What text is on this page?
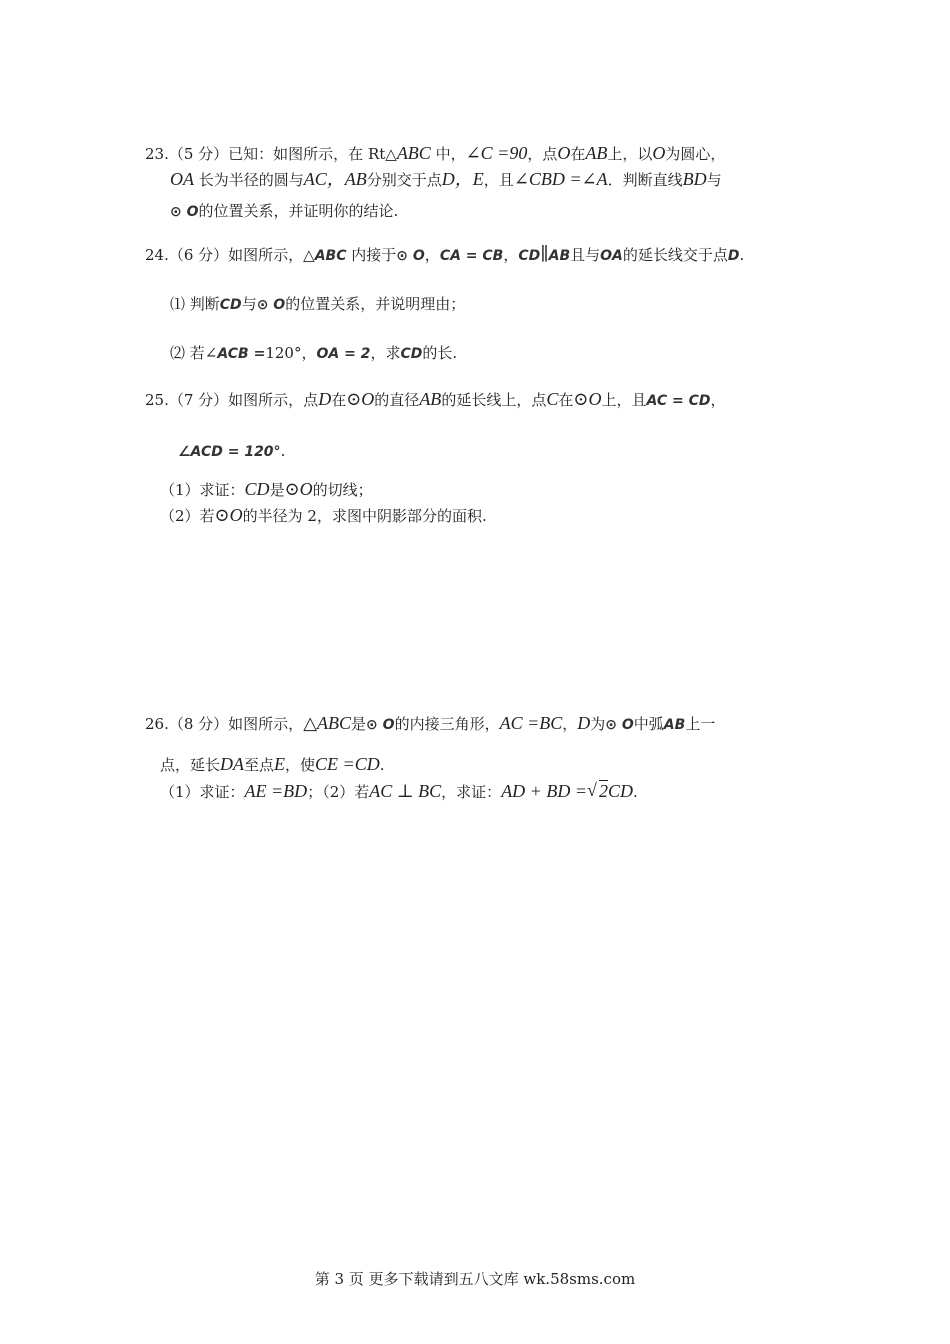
23.（5 分）已知：如图所示，在 Rt△ABC 中，∠C =90，点O在AB上，以O为圆心，
OA 长为半径的圆与AC，AB分别交于点D，E，且∠CBD =∠A．判断直线BD与
⊙ O的位置关系，并证明你的结论.
24.（6 分）如图所示，△ABC 内接于⊙ O，CA = CB，CD∥AB且与OA的延长线交于点D.
⑴ 判断CD与⊙ O的位置关系，并说明理由；
⑵ 若∠ACB =120°，OA = 2，求CD的长.
25.（7 分）如图所示，点D在⊙O的直径AB的延长线上，点C在⊙O上，且AC = CD，
∠ACD = 120°.
（1）求证：CD是⊙O的切线；
（2）若⊙O的半径为 2，求图中阴影部分的面积.
26.（8 分）如图所示，△ABC是⊙ O的内接三角形，AC =BC，D为⊙ O中弧AB上一
点，延长DA至点E，使CE =CD.
（1）求证：AE =BD；（2）若AC ⊥ BC，求证：AD + BD = √ 2CD.
第 3 页 更多下载请到五八文库 wk.58sms.com
